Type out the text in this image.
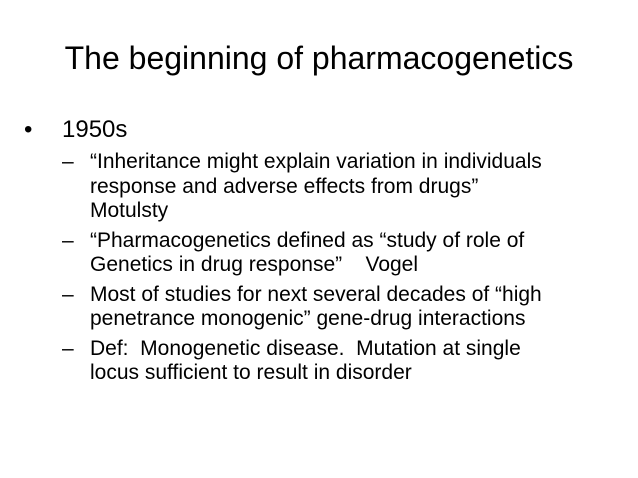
The beginning of pharmacogenetics
• 1950s
– “Inheritance might explain variation in individuals
response and adverse effects from drugs”
Motulsty
– “Pharmacogenetics defined as “study of role of
Genetics in drug response”    Vogel
– Most of studies for next several decades of “high
penetrance monogenic” gene-drug interactions
– Def:  Monogenetic disease.  Mutation at single
locus sufficient to result in disorder
